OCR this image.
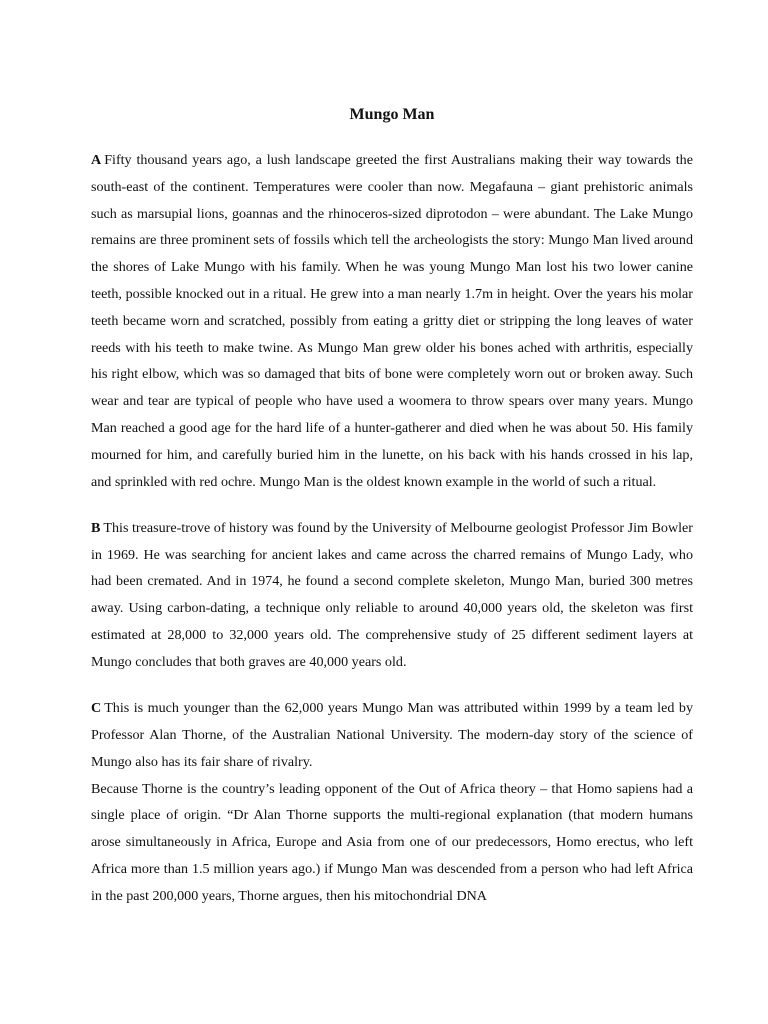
Mungo Man

A Fifty thousand years ago, a lush landscape greeted the first Australians making their way towards the south-east of the continent. Temperatures were cooler than now. Megafauna – giant prehistoric animals such as marsupial lions, goannas and the rhinoceros-sized diprotodon – were abundant. The Lake Mungo remains are three prominent sets of fossils which tell the archeologists the story: Mungo Man lived around the shores of Lake Mungo with his family. When he was young Mungo Man lost his two lower canine teeth, possible knocked out in a ritual. He grew into a man nearly 1.7m in height. Over the years his molar teeth became worn and scratched, possibly from eating a gritty diet or stripping the long leaves of water reeds with his teeth to make twine. As Mungo Man grew older his bones ached with arthritis, especially his right elbow, which was so damaged that bits of bone were completely worn out or broken away. Such wear and tear are typical of people who have used a woomera to throw spears over many years. Mungo Man reached a good age for the hard life of a hunter-gatherer and died when he was about 50. His family mourned for him, and carefully buried him in the lunette, on his back with his hands crossed in his lap, and sprinkled with red ochre. Mungo Man is the oldest known example in the world of such a ritual.

B This treasure-trove of history was found by the University of Melbourne geologist Professor Jim Bowler in 1969. He was searching for ancient lakes and came across the charred remains of Mungo Lady, who had been cremated. And in 1974, he found a second complete skeleton, Mungo Man, buried 300 metres away. Using carbon-dating, a technique only reliable to around 40,000 years old, the skeleton was first estimated at 28,000 to 32,000 years old. The comprehensive study of 25 different sediment layers at Mungo concludes that both graves are 40,000 years old.

C This is much younger than the 62,000 years Mungo Man was attributed within 1999 by a team led by Professor Alan Thorne, of the Australian National University. The modern-day story of the science of Mungo also has its fair share of rivalry.

Because Thorne is the country’s leading opponent of the Out of Africa theory – that Homo sapiens had a single place of origin. “Dr Alan Thorne supports the multi-regional explanation (that modern humans arose simultaneously in Africa, Europe and Asia from one of our predecessors, Homo erectus, who left Africa more than 1.5 million years ago.) if Mungo Man was descended from a person who had left Africa in the past 200,000 years, Thorne argues, then his mitochondrial DNA
